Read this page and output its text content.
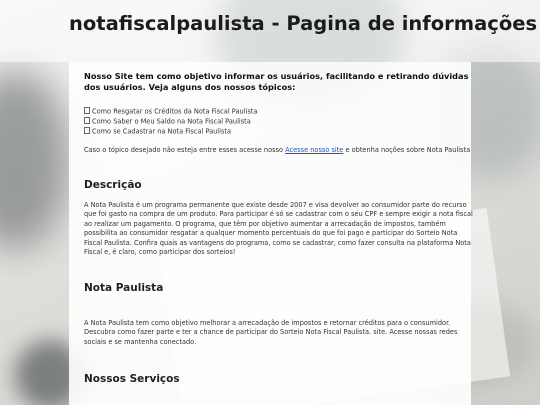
notafiscalpaulista - Pagina de informações

Nosso Site tem como objetivo informar os usuários, facilitando e retirando dúvidas dos usuários. Veja alguns dos nossos tópicos:

Como Resgatar os Créditos da Nota Fiscal Paulista
Como Saber o Meu Saldo na Nota Fiscal Paulista
Como se Cadastrar na Nota Fiscal Paulista

Caso o tópico desejado não esteja entre esses acesse nosso Acesse nosso site e obtenha noções sobre Nota Paulista

Descrição

A Nota Paulista é um programa permanente que existe desde 2007 e visa devolver ao consumidor parte do recurso que foi gasto na compra de um produto. Para participar é só se cadastrar com o seu CPF e sempre exigir a nota fiscal ao realizar um pagamento. O programa, que têm por objetivo aumentar a arrecadação de impostos, também possibilita ao consumidor resgatar a qualquer momento percentuais do que foi pago e participar do Sorteio Nota Fiscal Paulista. Confira quais as vantagens do programa, como se cadastrar, como fazer consulta na plataforma Nota Fiscal e, é claro, como participar dos sorteios!

Nota Paulista

A Nota Paulista tem como objetivo melhorar a arrecadação de impostos e retornar créditos para o consumidor. Descubra como fazer parte e ter a chance de participar do Sorteio Nota Fiscal Paulista. site. Acesse nossas redes sociais e se mantenha conectado.

Nossos Serviços
